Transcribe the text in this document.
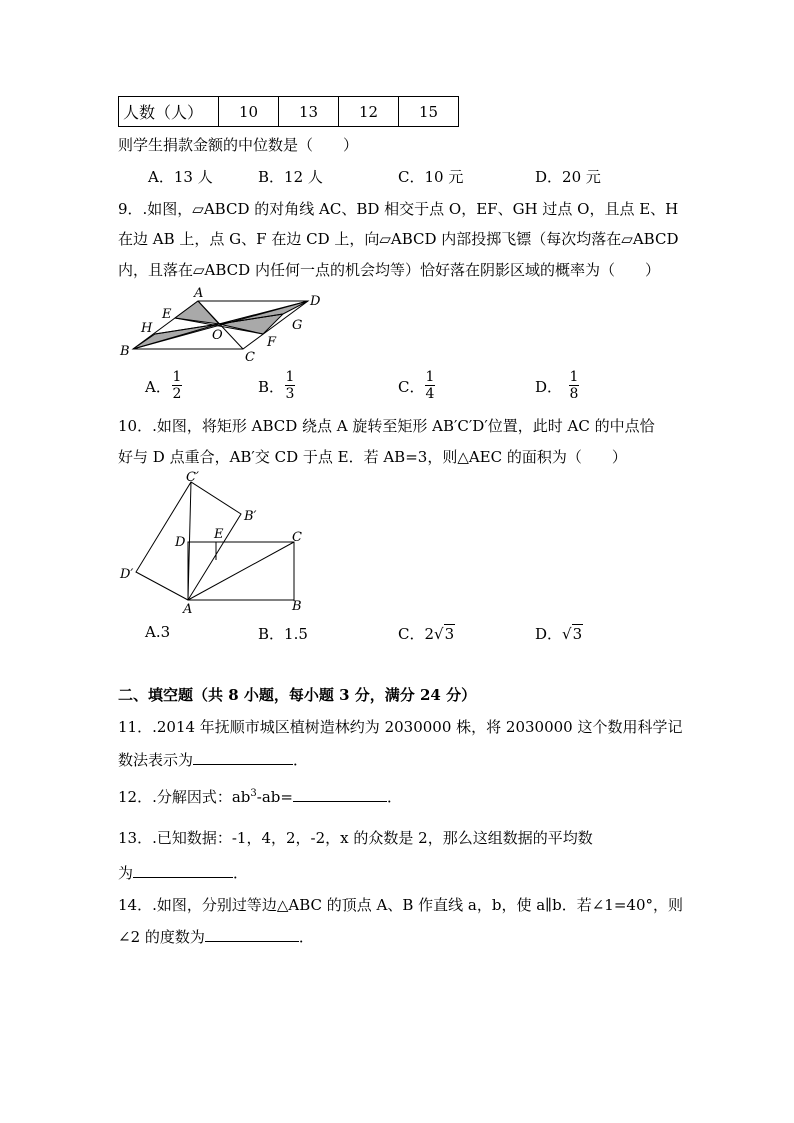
人数（人）	10	13	12	15
则学生捐款金额的中位数是（　　）
A．13 人	B．12 人	C．10 元	D．20 元
9．.如图，▱ABCD 的对角线 AC、BD 相交于点 O，EF、GH 过点 O，且点 E、H
在边 AB 上，点 G、F 在边 CD 上，向▱ABCD 内部投掷飞镖（每次均落在▱ABCD
内，且落在▱ABCD 内任何一点的机会均等）恰好落在阴影区域的概率为（　　）
A
D
E
H	O
G
F
B	C
A．
1
2	B．
1
3	C．
1
4	D．
1
8
10．.如图，将矩形 ABCD 绕点 A 旋转至矩形 AB′C′D′位置，此时 AC 的中点恰
好与 D 点重合，AB′交 CD 于点 E．若 AB=3，则△AEC 的面积为（　　）
C′
B′
D
E	C
D′
A	B
A.3	B．1.5	C．2√ 3	D．√ 3
二、填空题（共 8 小题，每小题 3 分，满分 24 分）
11．.2014 年抚顺市城区植树造林约为 2030000 株，将 2030000 这个数用科学记
数法表示为	．
12．.分解因式：$ab^3-ab=$	．
13．.已知数据：-1，4，2，-2，x 的众数是 2，那么这组数据的平均数
为	．
14．.如图，分别过等边△ABC 的顶点 A、B 作直线 a，b，使 a∥b．若∠1=40°，则
∠2 的度数为	．
